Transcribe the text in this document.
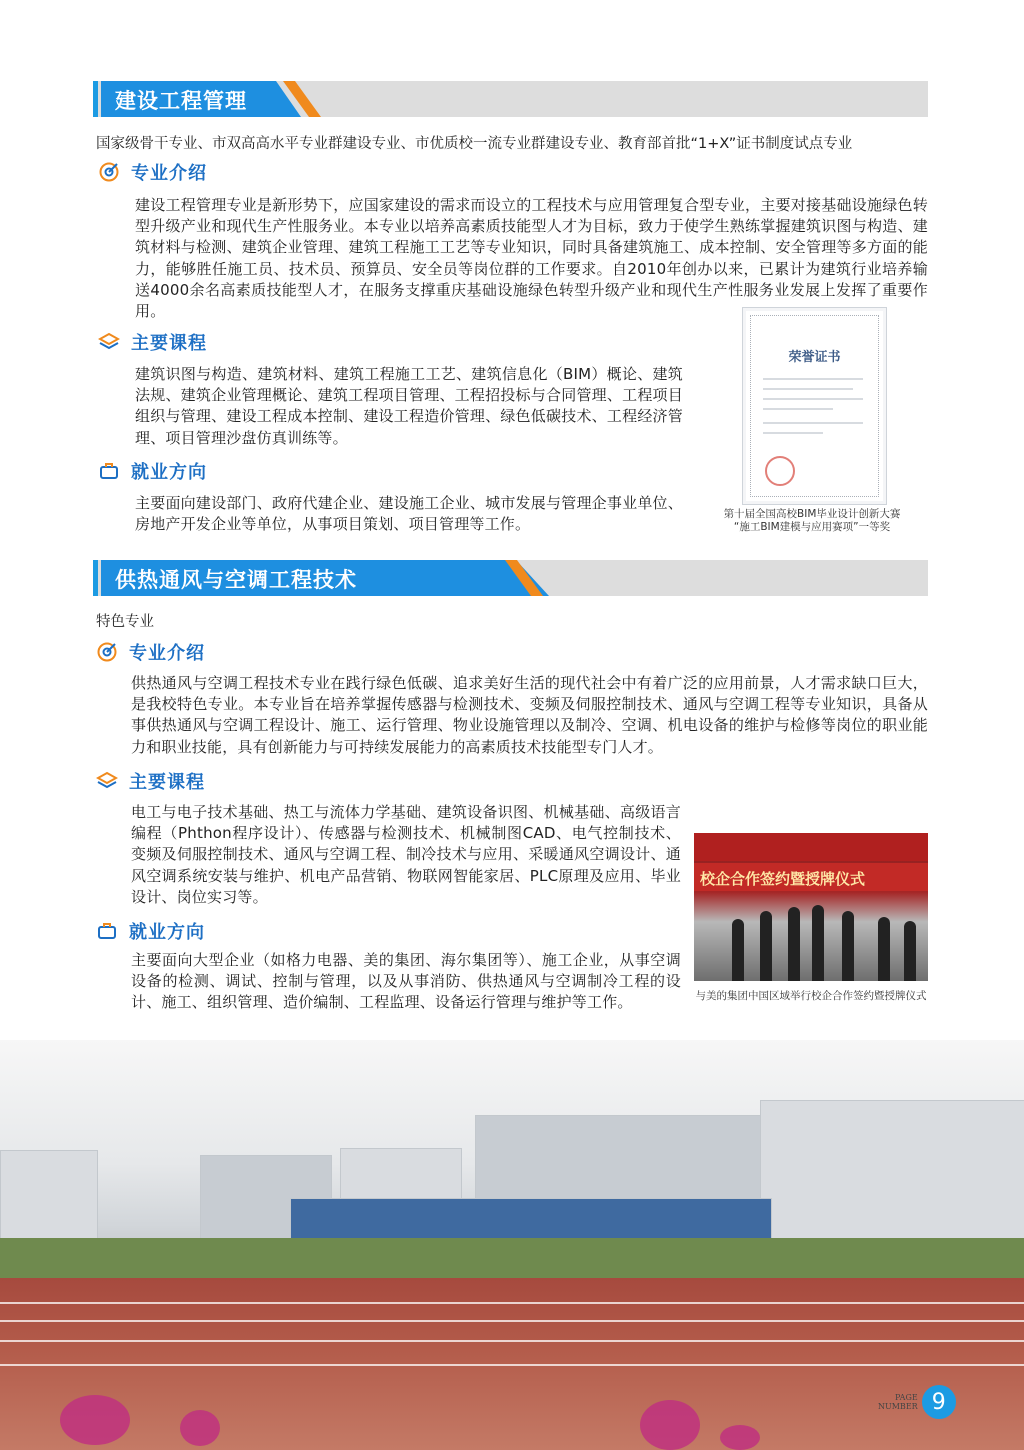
建设工程管理
国家级骨干专业、市双高高水平专业群建设专业、市优质校一流专业群建设专业、教育部首批“1+X”证书制度试点专业
专业介绍

建设工程管理专业是新形势下，应国家建设的需求而设立的工程技术与应用管理复合型专业，主要对接基础设施绿色转型升级产业和现代生产性服务业。本专业以培养高素质技能型人才为目标，致力于使学生熟练掌握建筑识图与构造、建筑材料与检测、建筑企业管理、建筑工程施工工艺等专业知识，同时具备建筑施工、成本控制、安全管理等多方面的能力，能够胜任施工员、技术员、预算员、安全员等岗位群的工作要求。自2010年创办以来，已累计为建筑行业培养输送4000余名高素质技能型人才，在服务支撑重庆基础设施绿色转型升级产业和现代生产性服务业发展上发挥了重要作用。

主要课程

建筑识图与构造、建筑材料、建筑工程施工工艺、建筑信息化（BIM）概论、建筑法规、建筑企业管理概论、建筑工程项目管理、工程招投标与合同管理、工程项目组织与管理、建设工程成本控制、建设工程造价管理、绿色低碳技术、工程经济管理、项目管理沙盘仿真训练等。

就业方向

主要面向建设部门、政府代建企业、建设施工企业、城市发展与管理企事业单位、房地产开发企业等单位，从事项目策划、项目管理等工作。

荣誉证书
第十届全国高校BIM毕业设计创新大赛
“施工BIM建模与应用赛项”一等奖
供热通风与空调工程技术
特色专业
专业介绍

供热通风与空调工程技术专业在践行绿色低碳、追求美好生活的现代社会中有着广泛的应用前景，人才需求缺口巨大，是我校特色专业。本专业旨在培养掌握传感器与检测技术、变频及伺服控制技术、通风与空调工程等专业知识，具备从事供热通风与空调工程设计、施工、运行管理、物业设施管理以及制冷、空调、机电设备的维护与检修等岗位的职业能力和职业技能，具有创新能力与可持续发展能力的高素质技术技能型专门人才。

主要课程

电工与电子技术基础、热工与流体力学基础、建筑设备识图、机械基础、高级语言编程（Phthon程序设计）、传感器与检测技术、机械制图CAD、电气控制技术、变频及伺服控制技术、通风与空调工程、制冷技术与应用、采暖通风空调设计、通风空调系统安装与维护、机电产品营销、物联网智能家居、PLC原理及应用、毕业设计、岗位实习等。

就业方向

主要面向大型企业（如格力电器、美的集团、海尔集团等）、施工企业，从事空调设备的检测、调试、控制与管理，以及从事消防、供热通风与空调制冷工程的设计、施工、组织管理、造价编制、工程监理、设备运行管理与维护等工作。

校企合作签约暨授牌仪式
与美的集团中国区域举行校企合作签约暨授牌仪式
PAGE
NUMBER 9
